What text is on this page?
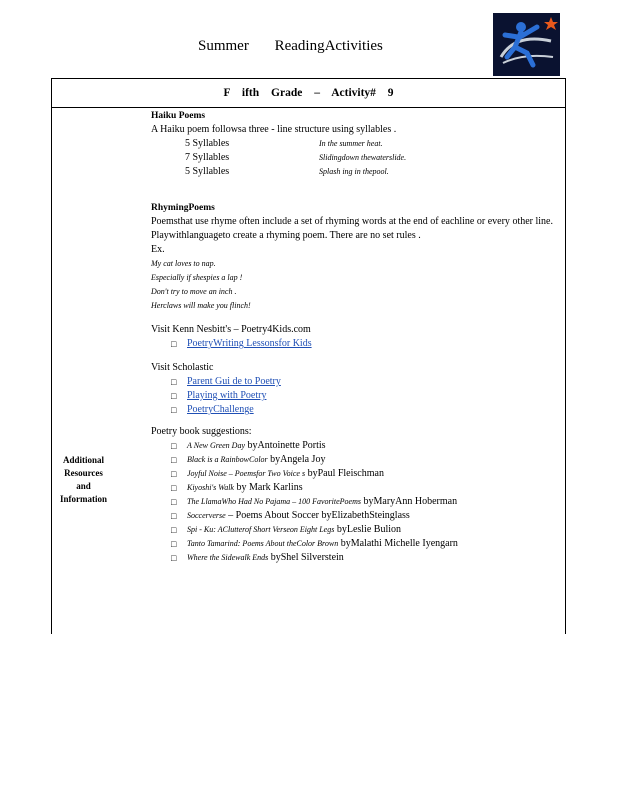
Summer ReadingActivities
F ifth Grade – Activity# 9
Additional
Resources
and
Information
Haiku Poems
A Haiku poem followsa three - line structure using syllables .
5 Syllables	In the summer heat.
7 Syllables	Slidingdown thewaterslide.
5 Syllables	Splash ing in thepool.
RhymingPoems
Poemsthat use rhyme often include a set of rhyming words at the end of eachline or every other line. Playwithlanguageto create a rhyming poem. There are no set rules .
Ex.
My cat loves to nap.
Especially if shespies a lap !
Don't try to move an inch .
Herclaws will make you flinch!
Visit Kenn Nesbitt's – Poetry4Kids.com
□ PoetryWriting Lessonsfor Kids
Visit Scholastic
□ Parent Gui de to Poetry
□ Playing with Poetry
□ PoetryChallenge
Poetry book suggestions:
□ A New Green Day byAntoinette Portis
□ Black is a RainbowColor byAngela Joy
□ Joyful Noise – Poemsfor Two Voice s byPaul Fleischman
□ Kiyoshi's Walk by Mark Karlins
□ The LlamaWho Had No Pajama – 100 FavoritePoems byMaryAnn Hoberman
□ Soccerverse – Poems About Soccer byElizabethSteinglass
□ Spi - Ku: AClutterof Short Verseon Eight Legs byLeslie Bulion
□ Tanto Tamarind: Poems About theColor Brown byMalathi Michelle Iyengarn
□ Where the Sidewalk Ends byShel Silverstein
